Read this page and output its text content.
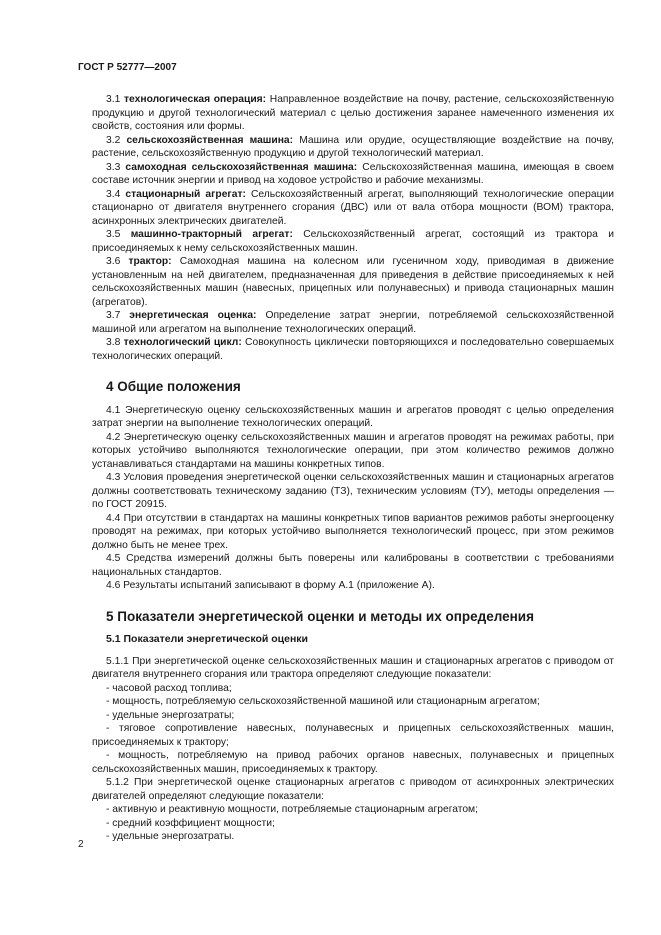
ГОСТ Р 52777—2007

3.1 технологическая операция: Направленное воздействие на почву, растение, сельскохозяйственную продукцию и другой технологический материал с целью достижения заранее намеченного изменения их свойств, состояния или формы.

3.2 сельскохозяйственная машина: Машина или орудие, осуществляющие воздействие на почву, растение, сельскохозяйственную продукцию и другой технологический материал.

3.3 самоходная сельскохозяйственная машина: Сельскохозяйственная машина, имеющая в своем составе источник энергии и привод на ходовое устройство и рабочие механизмы.

3.4 стационарный агрегат: Сельскохозяйственный агрегат, выполняющий технологические операции стационарно от двигателя внутреннего сгорания (ДВС) или от вала отбора мощности (ВОМ) трактора, асинхронных электрических двигателей.

3.5 машинно-тракторный агрегат: Сельскохозяйственный агрегат, состоящий из трактора и присоединяемых к нему сельскохозяйственных машин.

3.6 трактор: Самоходная машина на колесном или гусеничном ходу, приводимая в движение установленным на ней двигателем, предназначенная для приведения в действие присоединяемых к ней сельскохозяйственных машин (навесных, прицепных или полунавесных) и привода стационарных машин (агрегатов).

3.7 энергетическая оценка: Определение затрат энергии, потребляемой сельскохозяйственной машиной или агрегатом на выполнение технологических операций.

3.8 технологический цикл: Совокупность циклически повторяющихся и последовательно совершаемых технологических операций.

4 Общие положения

4.1 Энергетическую оценку сельскохозяйственных машин и агрегатов проводят с целью определения затрат энергии на выполнение технологических операций.

4.2 Энергетическую оценку сельскохозяйственных машин и агрегатов проводят на режимах работы, при которых устойчиво выполняются технологические операции, при этом количество режимов должно устанавливаться стандартами на машины конкретных типов.

4.3 Условия проведения энергетической оценки сельскохозяйственных машин и стационарных агрегатов должны соответствовать техническому заданию (ТЗ), техническим условиям (ТУ), методы определения — по ГОСТ 20915.

4.4 При отсутствии в стандартах на машины конкретных типов вариантов режимов работы энергооценку проводят на режимах, при которых устойчиво выполняется технологический процесс, при этом режимов должно быть не менее трех.

4.5 Средства измерений должны быть поверены или калиброваны в соответствии с требованиями национальных стандартов.

4.6 Результаты испытаний записывают в форму А.1 (приложение А).

5 Показатели энергетической оценки и методы их определения
5.1 Показатели энергетической оценки

5.1.1 При энергетической оценке сельскохозяйственных машин и стационарных агрегатов с приводом от двигателя внутреннего сгорания или трактора определяют следующие показатели:

- часовой расход топлива;

- мощность, потребляемую сельскохозяйственной машиной или стационарным агрегатом;

- удельные энергозатраты;

- тяговое сопротивление навесных, полунавесных и прицепных сельскохозяйственных машин, присоединяемых к трактору;

- мощность, потребляемую на привод рабочих органов навесных, полунавесных и прицепных сельскохозяйственных машин, присоединяемых к трактору.

5.1.2 При энергетической оценке стационарных агрегатов с приводом от асинхронных электрических двигателей определяют следующие показатели:

- активную и реактивную мощности, потребляемые стационарным агрегатом;

- средний коэффициент мощности;

- удельные энергозатраты.

2
